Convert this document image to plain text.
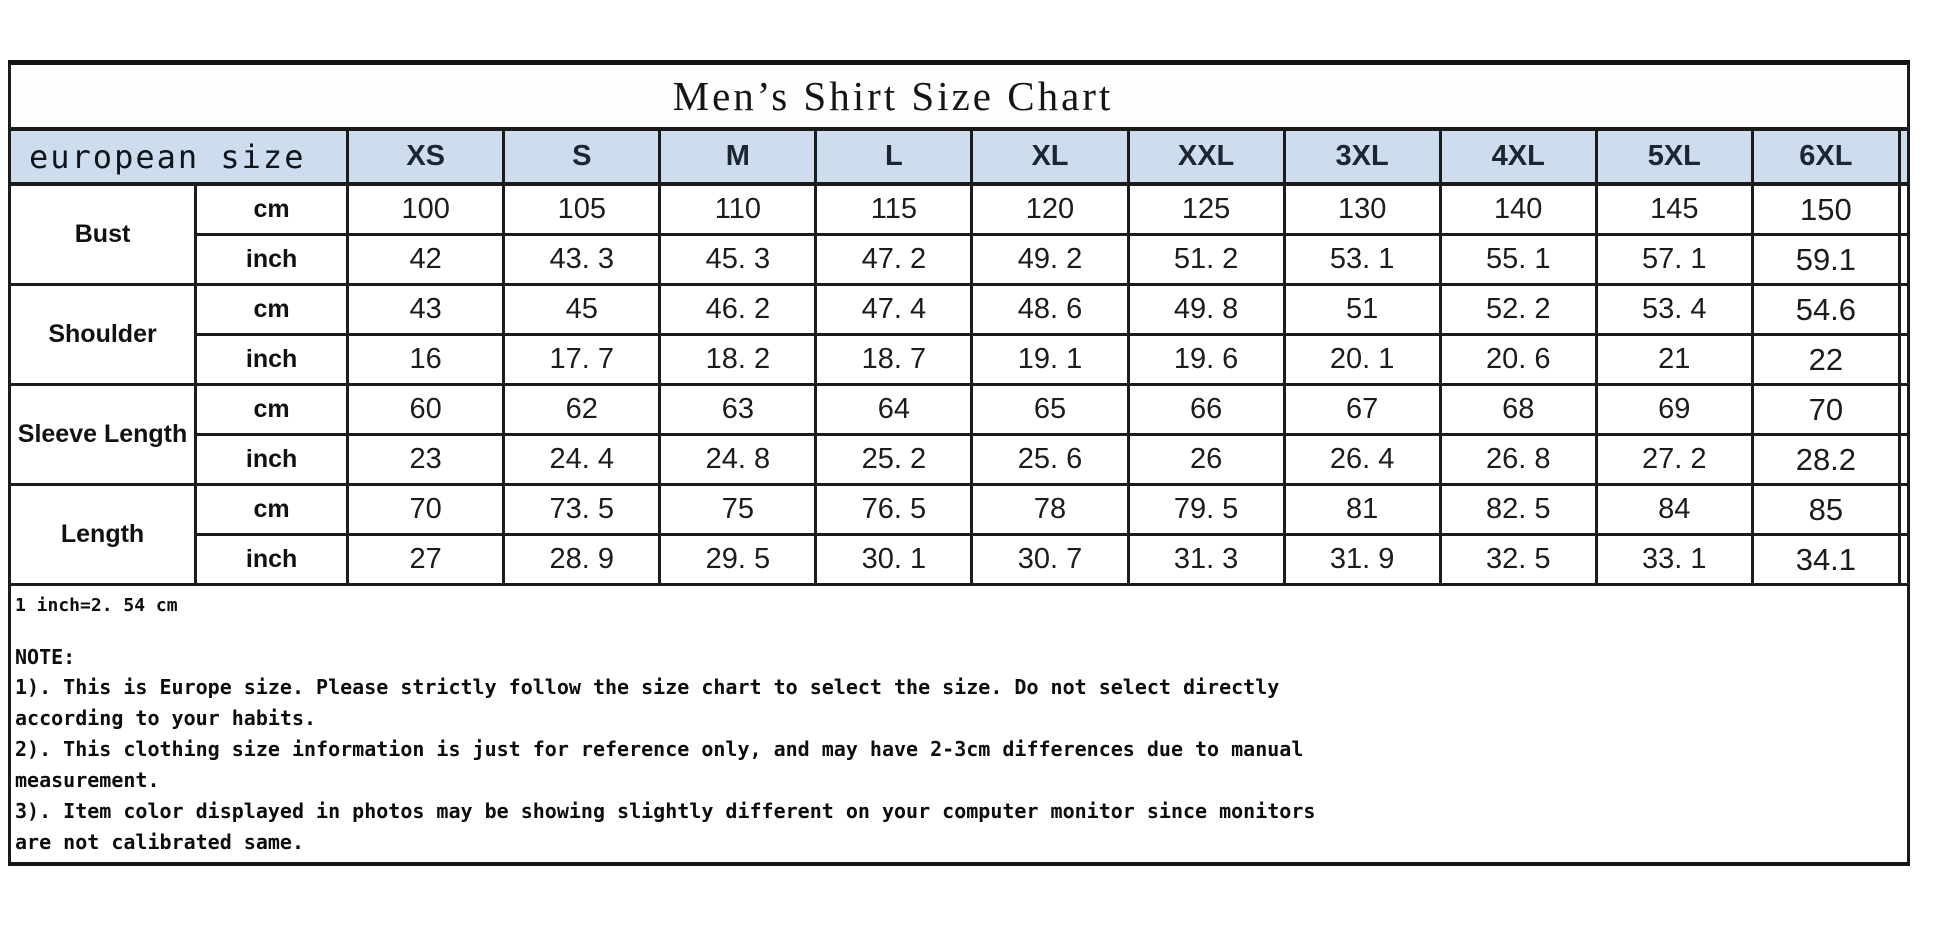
Men’s Shirt Size Chart												
european size		XS	S	M	L	XL	XXL	3XL	4XL	5XL	6XL	
Bust	cm	100	105	110	115	120	125	130	140	145	150	
	inch	42	43. 3	45. 3	47. 2	49. 2	51. 2	53. 1	55. 1	57. 1	59.1	
Shoulder	cm	43	45	46. 2	47. 4	48. 6	49. 8	51	52. 2	53. 4	54.6	
	inch	16	17. 7	18. 2	18. 7	19. 1	19. 6	20. 1	20. 6	21	22	
Sleeve Length	cm	60	62	63	64	65	66	67	68	69	70	
	inch	23	24. 4	24. 8	25. 2	25. 6	26	26. 4	26. 8	27. 2	28.2	
Length	cm	70	73. 5	75	76. 5	78	79. 5	81	82. 5	84	85	
	inch	27	28. 9	29. 5	30. 1	30. 7	31. 3	31. 9	32. 5	33. 1	34.1	

1 inch=2. 54 cm
NOTE:
1). This is Europe size. Please strictly follow the size chart to select the size. Do not select directly
according to your habits.
2). This clothing size information is just for reference only, and may have 2-3cm differences due to manual
measurement.
3). Item color displayed in photos may be showing slightly different on your computer monitor since monitors
are not calibrated same.
